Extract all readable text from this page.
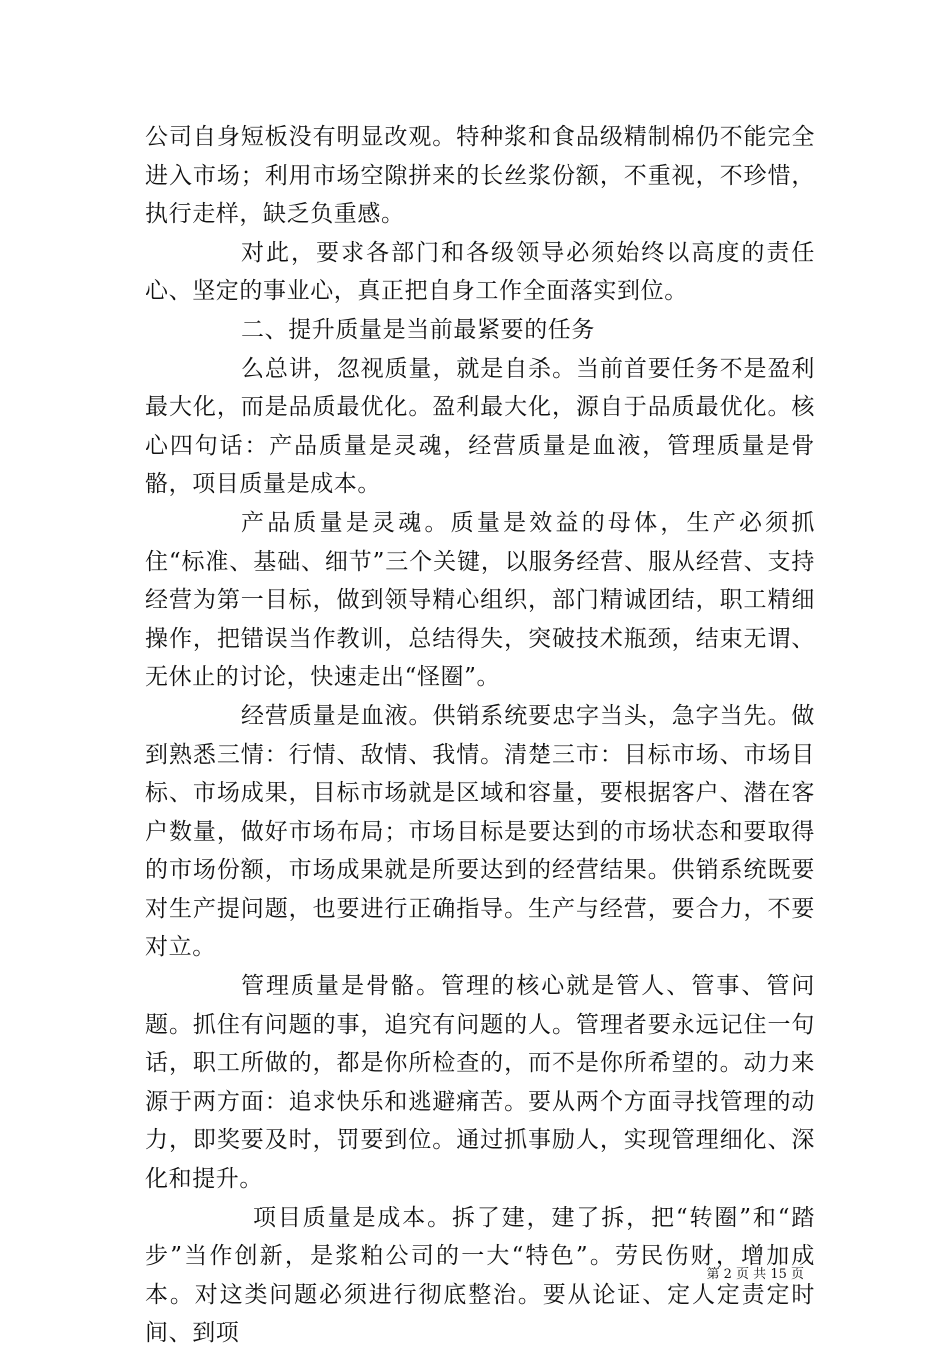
公司自身短板没有明显改观。特种浆和食品级精制棉仍不能完全进入市场；利用市场空隙拼来的长丝浆份额，不重视，不珍惜，执行走样，缺乏负重感。

对此，要求各部门和各级领导必须始终以高度的责任心、坚定的事业心，真正把自身工作全面落实到位。

二、提升质量是当前最紧要的任务

么总讲，忽视质量，就是自杀。当前首要任务不是盈利最大化，而是品质最优化。盈利最大化，源自于品质最优化。核心四句话：产品质量是灵魂，经营质量是血液，管理质量是骨骼，项目质量是成本。

产品质量是灵魂。质量是效益的母体，生产必须抓住“标准、基础、细节”三个关键，以服务经营、服从经营、支持经营为第一目标，做到领导精心组织，部门精诚团结，职工精细操作，把错误当作教训，总结得失，突破技术瓶颈，结束无谓、无休止的讨论，快速走出“怪圈”。

经营质量是血液。供销系统要忠字当头，急字当先。做到熟悉三情：行情、敌情、我情。清楚三市：目标市场、市场目标、市场成果，目标市场就是区域和容量，要根据客户、潜在客户数量，做好市场布局；市场目标是要达到的市场状态和要取得的市场份额，市场成果就是所要达到的经营结果。供销系统既要对生产提问题，也要进行正确指导。生产与经营，要合力，不要对立。

管理质量是骨骼。管理的核心就是管人、管事、管问题。抓住有问题的事，追究有问题的人。管理者要永远记住一句话，职工所做的，都是你所检查的，而不是你所希望的。动力来源于两方面：追求快乐和逃避痛苦。要从两个方面寻找管理的动力，即奖要及时，罚要到位。通过抓事励人，实现管理细化、深化和提升。

项目质量是成本。拆了建，建了拆，把“转圈”和“踏步”当作创新，是浆粕公司的一大“特色”。劳民伤财，增加成本。对这类问题必须进行彻底整治。要从论证、定人定责定时间、到项

第 2 页 共 15 页
